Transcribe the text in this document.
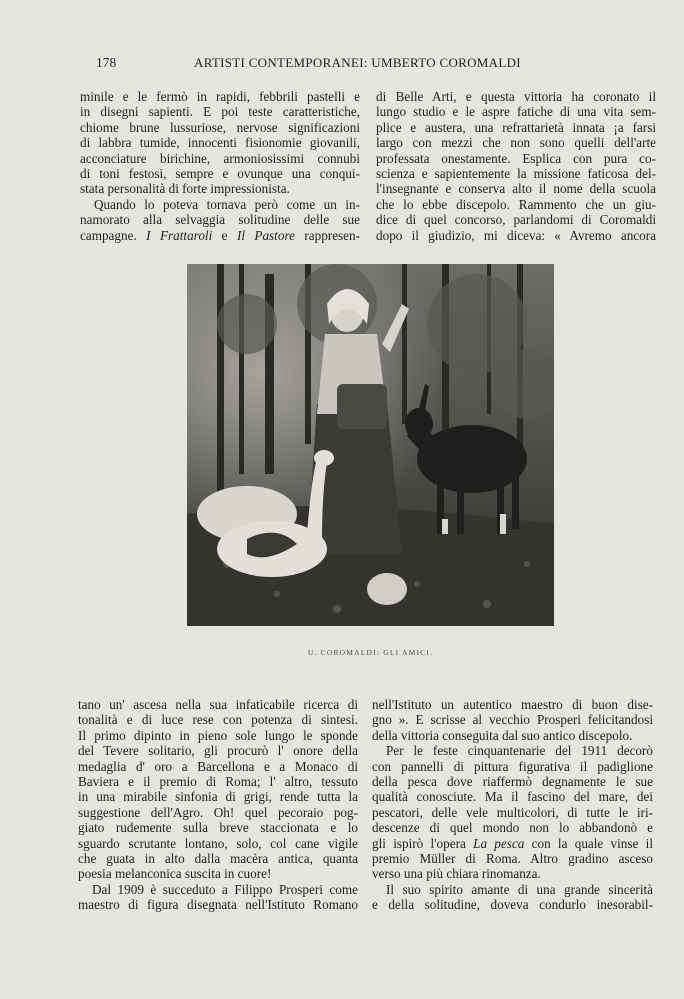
178	ARTISTI CONTEMPORANEI: UMBERTO COROMALDI
minile e le fermò in rapidi, febbrili pastelli e
in disegni sapienti. E poi teste caratteristiche,
chiome brune lussuriose, nervose significazioni
di labbra tumide, innocenti fisionomie giovanili,
acconciature birichine, armoniosissimi connubi
di toni festosi, sempre e ovunque una conqui-
stata personalità di forte impressionista.
Quando lo poteva tornava però come un in-
namorato alla selvaggia solitudine delle sue
campagne. I Frattaroli e Il Pastore rappresen-
di Belle Arti, e questa vittoria ha coronato il
lungo studio e le aspre fatiche di una vita sem-
plice e austera, una refrattarietà innata ¡a farsi
largo con mezzi che non sono quelli dell'arte
professata onestamente. Esplica con pura co-
scienza e sapientemente la missione faticosa del-
l'insegnante e conserva alto il nome della scuola
che lo ebbe discepolo. Rammento che un giu-
dice di quel concorso, parlandomi di Coromaldi
dopo il giudizio, mi diceva: « Avremo ancora
U. COROMALDI: GLI AMICI.
tano un' ascesa nella sua infaticabile ricerca di
tonalità e di luce rese con potenza di sintesi.
Il primo dipinto in pieno sole lungo le sponde
del Tevere solitario, gli procurò l' onore della
medaglia d' oro a Barcellona e a Monaco di
Baviera e il premio di Roma; l' altro, tessuto
in una mirabile sinfonia di grigi, rende tutta la
suggestione dell'Agro. Oh! quel pecoraio pog-
giato rudemente sulla breve staccionata e lo
sguardo scrutante lontano, solo, col cane vigile
che guata in alto dalla macèra antica, quanta
poesia melanconica suscita in cuore!
Dal 1909 è succeduto a Filippo Prosperi come
maestro di figura disegnata nell'Istituto Romano
nell'Istituto un autentico maestro di buon dise-
gno ». E scrisse al vecchio Prosperi felicitandosi
della vittoria conseguita dal suo antico discepolo.
Per le feste cinquantenarie del 1911 decorò
con pannelli di pittura figurativa il padiglione
della pesca dove riaffermò degnamente le sue
qualità conosciute. Ma il fascino del mare, dei
pescatori, delle vele multicolori, di tutte le iri-
descenze di quel mondo non lo abbandonò e
gli ispirò l'opera La pesca con la quale vinse il
premio Müller di Roma. Altro gradino asceso
verso una più chiara rinomanza.
Il suo spirito amante di una grande sincerità
e della solitudine, doveva condurlo inesorabil-
